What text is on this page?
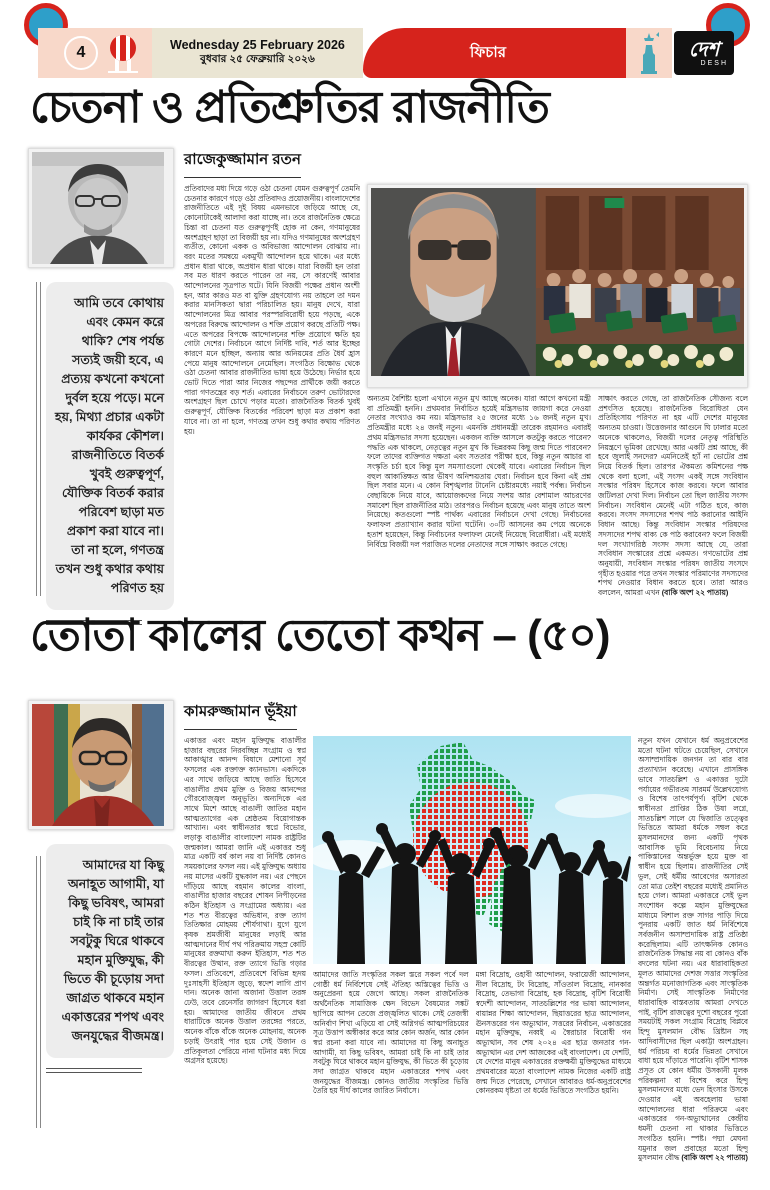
4	Wednesday 25 February 2026
বুধবার ২৫ ফেব্রুয়ারি ২০২৬	ফিচার	দেশ
DESH
চেতনা ও প্রতিশ্রুতির রাজনীতি
আমি তবে কোথায় এবং কেমন করে থাকি? শেষ পর্যন্ত সত্যই জয়ী হবে, এ প্রত্যয় কখনো কখনো দুর্বল হয়ে পড়ে। মনে হয়, মিথ্যা প্রচার একটা কার্যকর কৌশল। রাজনীতিতে বিতর্ক খুবই গুরুত্বপূর্ণ, যৌক্তিক বিতর্ক করার পরিবেশ ছাড়া মত প্রকাশ করা যাবে না। তা না হলে, গণতন্ত্র তখন শুধু কথার কথায় পরিণত হয়
রাজেকুজ্জামান রতন
প্রতিবাদের মধ্য দিয়ে গড়ে ওঠা চেতনা যেমন গুরুত্বপূর্ণ তেমনি চেতনার কারণে গড়ে ওঠা প্রতিবাদও প্রয়োজনীয়। বাংলাদেশের রাজনীতিতে এই দুই বিষয় এমনভাবে জড়িয়ে আছে যে, কোনোটাকেই আলাদা করা যাচ্ছে না। তবে রাজনৈতিক ক্ষেত্রে চিন্তা বা চেতনা যত গুরুত্বপূর্ণই হোক না কেন, গণমানুষের অংশগ্রহণ ছাড়া তা বিজয়ী হয় না। যদিও গণমানুষের অংশগ্রহণ ব্যতীত, কোনো একক ও অবিভাজ্য আন্দোলন বোঝায় না। বরং মতের সমন্বয়ে একমুখী আন্দোলন হয়ে থাকে। এর মধ্যে প্রধান ধারা থাকে, অপ্রধান ধারা থাকে। যারা বিজয়ী হন তারা সব মত ধারণ করতে পারেন তা নয়, সে কারণেই আবার আন্দোলনের সূত্রপাত ঘটে। যিনি বিজয়ী পক্ষের প্রধান অংশী হন, আর কারও মত বা যুক্তি গ্রহণযোগ্য নয় তাহলে তা দমন করার মানসিকতা দ্বারা পরিচালিত হয়। মানুষ দেখে, যারা আন্দোলনের মিত্র আবার পরস্পরবিরোধী হয়ে পড়ছে, একে অপরের বিরুদ্ধে আন্দোলন ও শক্তি প্রয়োগ করছে প্রতিটি পক্ষ। এতে অপরের বিপক্ষে আন্দোলনের শক্তি প্রয়োগে ক্ষতি হয় গোটা দেশের। নির্বাচনে আগে নির্দিষ্ট দাবি, শর্ত আর ইচ্ছের কারণে মনে হচ্ছিল, অন্যায় আর অনিয়মের প্রতি ধৈর্য হ্রাস পেয়ে মানুষ আন্দোলনে নেমেছিল। সংগঠিত বিক্ষোভ থেকে ওঠা চেতনা আবার রাজনীতির ভাষা হয়ে উঠেছে। নির্ভার হয়ে ভোট দিতে পারা আর নিজের পছন্দের প্রার্থীকে জয়ী করতে পারা গণতন্ত্রের বড় শর্ত। এবারের নির্বাচনে তরুণ ভোটারদের অংশগ্রহণ ছিল চোখে পড়ার মতো। রাজনৈতিক বিতর্ক খুবই গুরুত্বপূর্ণ, যৌক্তিক বিতর্কের পরিবেশ ছাড়া মত প্রকাশ করা যাবে না। তা না হলে, গণতন্ত্র তখন শুধু কথার কথায় পরিণত হয়।
অন্যতম বৈশিষ্ট্য হলো এখানে নতুন মুখ আছে অনেক। যারা আগে কখনো মন্ত্রী বা প্রতিমন্ত্রী হননি। প্রথমবার নির্বাচিত হয়েই মন্ত্রিসভায় জায়গা করে নেওয়া নেতার সংখ্যাও কম নয়। মন্ত্রিসভার ২৫ জনের মধ্যে ১৬ জনই নতুন মুখ। প্রতিমন্ত্রীর মধ্যে ২৪ জনই নতুন। এমনকি প্রধানমন্ত্রী তারেক রহমানও এবারই প্রথম মন্ত্রিসভার সদস্য হয়েছেন। একজন ব্যক্তি আসলে কতটুকু করতে পারেন? পদ্ধতি এক থাকলে, নেতৃত্বের নতুন মুখ কি ভিন্নরকম কিছু জন্ম দিতে পারবেন? ফলে তাদের ব্যক্তিগত দক্ষতা এবং সততার পরীক্ষা হবে, কিন্তু নতুন আচার বা সংস্কৃতি চর্চা হবে কিন্তু মূল সমস্যাগুলো থেকেই যাবে। এবারের নির্বাচন ছিল বহুল আকাঙ্ক্ষিত আর ভীষণ অনিশ্চয়তায় ঘেরা। নির্বাচন হবে কিনা এই প্রশ্ন ছিল সবার মনে। এ কোন বিশৃঙ্খলার টানেনি চেষ্টারমধ্যে নয়াই পর্বন্ধ। নির্বাচন বেছায়িকে নিয়ে যাবে, আয়োজকদের নিয়ে সংশয় আর বেশামাল আচরণের সমাবেশ ছিল রাজনীতির মাঠ। তারপরও নির্বাচন হয়েছে এবং মানুষ তাতে অংশ নিয়েছে। কতগুলো স্পষ্ট পার্থক্য এবারের নির্বাচনে দেখা গেছে। নির্বাচনের ফলাফল প্রত্যাখ্যান করার ঘটনা ঘটেনি। ৩০টি আসনের কম পেয়ে অনেকে হতাশ হয়েছেন, কিন্তু নির্বাচনের ফলাফল মেনেই নিয়েছে বিরোধীরা। এই মধ্যেই নির্বিঘ্নে বিজয়ী দল পরাজিত দলের নেতাদের সঙ্গে সাক্ষাৎ করতে গেছে।
সাক্ষাৎ করতে গেছে, তা রাজনৈতিক সৌজন্য বলে প্রশংসিত হয়েছে। রাজনৈতিক বিরোধিতা যেন প্রতিহিংসায় পরিণত না হয় এটি দেশের মানুষের অন্যতম চাওয়া। উত্তেজনার আগুনে ঘি ঢালার মতো অনেকে থাকলেও, বিজয়ী দলের নেতৃত্ব পরিস্থিতি নিয়ন্ত্রণে ভূমিকা রেখেছে। আর একটি প্রশ্ন আছে, কী হবে জুলাই সনদের? এমনিতেই হ্যাঁ না ভোটের প্রশ্ন নিয়ে বিতর্ক ছিল। তারপর ঐকমত্য কমিশনের পক্ষ থেকে বলা হলো, এই সংসদ একই সঙ্গে সংবিধান সংস্কার পরিষদ হিসেবে কাজ করবে। ফলে আবার জটিলতা দেখা দিল। নির্বাচন তো ছিল জাতীয় সংসদ নির্বাচন। সংবিধান মেনেই এটা গঠিত হবে, কাজ করবে। সংসদ সদস্যদের শপথ পাঠ করানোর আইনি বিধান আছে। কিন্তু সংবিধান সংস্কার পরিষদের সদস্যদের শপথ বাক্য কে পাঠ করাবেন? ফলে বিজয়ী দল সংখ্যাগরিষ্ঠ সংসদ সদস্য আছে যে, তারা সংবিধান সংস্কারের প্রশ্নে একমত। গণভোটের প্রশ্ন অনুযায়ী, সংবিধান সংস্কার পরিষদ জাতীয় সংসদে গৃহীত হওয়ার পরে তখন সংস্কার পরিমাণের সদস্যদের শপথ নেওয়ার বিধান করতে হবে। তারা আরও বললেন, আমরা এখন (বাকি অংশ ২২ পাতায়)
তোতা কালের তেতো কথন – (৫০)
আমাদের যা কিছু অনাহূত আগামী, যা কিছু ভবিষৎ, আমরা চাই কি না চাই তার সবটুকু ঘিরে থাকবে মহান মুক্তিযুদ্ধ, কী ভিতে কী চূড়োয় সদা জাগ্রত থাকবে মহান একাত্তরের শপথ এবং জনযুদ্ধের বীজমন্ত্র।
কামরুজ্জামান ভূঁইয়া
একাত্তর এবং মহান মুক্তিযুদ্ধ বাঙালীর হাজার বছরের নিরবচ্ছিন্ন সংগ্রাম ও স্বপ্ন আকাঙ্খার আনন্দ বিষাদে মেশানো সূর্য ফসলের এক রক্তাক্ত ক্যানভাস। একদিকে এর সাথে জড়িয়ে আছে জাতি হিসেবে বাঙালীর প্রথম মুক্তি ও বিজয় আনন্দের গৌরবোজ্জ্বল অনুভূতি। অন্যদিকে এর সাথে মিশে আছে বাঙালী জাতির মহান আত্মত্যাগের এক শ্রেষ্ঠতম বিয়োগান্তক আখ্যান। এবং স্বাধীনতার স্বপ্নে বিভোর, লড়াকু বাঙালীর বাংলাদেশ নামক রাষ্ট্রটির জন্মকাল। আমরা জানি এই একাত্তর শুধু মাত্র একটি বর্ষ কাল নয় বা নির্দিষ্ট কোনও সময়কালের ফসল নয়। এই মুক্তিযুদ্ধ অধ্যায় নয় মাসের একটি যুদ্ধকাল নয়। এর পেছনে দাঁড়িয়ে আছে বহমান কালের বাংলা, বাঙালীর হাজার বছরের শোষন নিপীড়নের কঠিন ইতিহাস ও সংগ্রামের অধ্যায়। এর শত শত বীরত্বের অভিধান, রক্ত ত্যাগ তিতিক্ষার মোহময় শৌর্যগাথা। যুগে যুগে কৃষক শ্রমজীবী মানুষের লড়াই আর আত্মদানের দীর্ঘ পথ পরিক্রমায় সহস্র কোটি মানুষের রক্তমাখা করুন ইতিহাস, শত শত বীরত্বের উত্থান, রক্ত ত্যাগে ভিত্তি গড়ার ফসল। প্রতিবেশে, প্রতিবেশে বিভিন্ন হৃদয় দুঃসাহসী ইতিহাস জুড়ে, স্বদেশ লাগি প্রাণ দান। অনেক জানা অজানা উত্তাল তরঙ্গ ঢেউ, তবে রেনেসাঁর জাগরণ হিসেবে ধরা হয়। আমাদের জাতীয় জীবনে প্রথম ধারাটিকে অনেক উত্তাল তরঙ্গের পরতে, অনেক বাঁকে বাঁকে অনেক মোহনায়, অনেক চড়াই উৎরাই পার হয়ে সেই উজান ও প্রতিকূলতা পেরিয়ে নানা ঘটনার মধ্য দিয়ে অগ্রসর হয়েছে।
আমাদের জাতি সংস্কৃতির সকল স্তরে সকল পর্বে দল গোষ্ঠী ধর্ম নির্বিশেষে সেই ঐতিহ্য অস্তিত্বের ভিত্তি ও অনুপ্রেরনা হয়ে জেগে আছে। সকল রাজনৈতিক অর্থনৈতিক সামাজিক ক্ষেদ বিভেদ বৈষম্যের সঙ্কট ছাপিয়ে আপন তেজে প্রজ্জ্বলিত থাকে। সেই তেজস্বী অনির্বাণ শিখা এড়িয়ে বা সেই অগ্নিগর্ভ আত্মপরিচয়ের সূত্র উত্তাপ অস্বীকার করে আর কোন অর্জন, আর কোন স্বপ্ন রচনা করা যাবে না। আমাদের যা কিছু অনাহূত আগামী, যা কিছু ভবিষৎ, আমরা চাই কি না চাই তার সবটুকু ঘিরে থাকবে মহান মুক্তিযুদ্ধ, কী ভিতে কী চূড়োয় সদা জাগ্রত থাকবে মহান একাত্তরের শপথ এবং জনযুদ্ধের বীজমন্ত্র। কোনও জাতীয় সংস্কৃতির ভিত্তি তৈরি হয় দীর্ঘ কালের জারিত নির্যাসে।
মঙ্গা বিদ্রোহ, ওহাবী আন্দোলন, ফরায়েজী আন্দোলন, নীল বিদ্রোহ, টং বিদ্রোহ, সাঁওতাল বিদ্রোহ, নানকার বিদ্রোহ, তেভাগা বিদ্রোহ, হক বিদ্রোহ, বৃটিশ বিরোধী স্বদেশী আন্দোলন, সাতচল্লিশের পর ভাষা আন্দোলন, বায়ান্নর শিক্ষা আন্দোলন, ছিয়াত্তরের ছাত্র আন্দোলন, ঊনসত্তরের গন অভ্যুত্থান, সত্তরের নির্বাচন, একাত্তরের মহান মুক্তিযুদ্ধ, নব্বই এ স্বৈরাচার বিরোধী গন অভ্যুত্থান, সব শেষ ২০২৪ এর ছাত্র জনতার গন-অভ্যুত্থান এর দেশ আজকের এই বাংলাদেশ। যে দেশটি, যে দেশের মানুষ একাত্তরের রক্তক্ষয়ী মুক্তিযুদ্ধের মাধ্যমে প্রথমবারের মতো বাংলাদেশ নামক নিজের একটি রাষ্ট্র জন্ম দিতে পেরেছে, সেখানে আবারও ধর্ম-অনুপ্রবেশের কোনরকম ধৃষ্টতা তা ধর্মের ভিত্তিতে সংগঠিত হয়নি।
নতুন যখন যেখানে ধর্ম অনুপ্রবেশের মতো ঘটনা ঘটতে চেয়েছিল, সেখানে অসাম্প্রদায়িক জনগন তা বার বার প্রত্যাখ্যান করেছে। এখানে প্রাসঙ্গিক ভাবে সাতচল্লিশ ও একাত্তর দুটো পর্যায়ের গভীরতম সারমর্ম উল্লেখযোগ্য ও বিশেষ তাৎপর্যপূর্ণ। বৃটিশ থেকে স্বাধীনতা প্রাপ্তির ঠিক উষা লগ্নে, সাতচল্লিশ সালে যে দ্বিজাতি তত্ত্বের ভিত্তিতে আমরা ধর্মকে সম্বল করে মুসলমানদের জন্য একটি পৃথক আবাসিক ভূমি বিবেচনায় নিয়ে পাকিস্তানের অন্তর্ভুক্ত হয়ে মুক্ত বা স্বাধীন হয়ে ছিলাম। রাজনীতির সেই ভুল, সেই ধর্মীয় আবেগের অসারতা তো মাত্র তেইশ বছরের মধ্যেই প্রমানিত হয়ে গেল। আমরা একাত্তরে সেই ভুল সংশোধন কল্পে মহান মুক্তিযুদ্ধের মাধ্যমে বিশাল রক্ত সাগর পাড়ি দিয়ে পুনরায় একটি জাত ধর্ম নির্বিশেষে সর্বজনীন অসাম্প্রদায়িক রাষ্ট্র প্রতিষ্ঠা করেছিলাম। এটি তাৎক্ষনিক কোনও রাজনৈতিক সিদ্ধান্ত নয় বা কোনও বাঁক বদলের ঘটনা নয়। এর ধারাবাহিকতা মূলত আমাদের দেশজ সত্তার সংস্কৃতির অন্তর্গত মনোজাগতিক এবং সাংস্কৃতিক নির্মাণ। সেই সাংস্কৃতিক নির্মাণের ধারাবাহিক বাস্তবতায় আমরা দেখতে পাই, বৃটিশ রাজত্বের দুশো বছরের পুরো সময়টাই সকল সংগ্রাম বিদ্রোহ বিপ্লবে হিন্দু মুসলমান বৌদ্ধ খ্রিষ্টান সহ আদিবাসীদের ছিল একাট্টা অংশগ্রহন। ধর্ম পরিচয় বা ধর্মের ভিন্নতা সেখানে বাধা হয়ে দাঁড়াতে পারেনি। বৃটিশ শাসক প্রসূত যে কোন ধর্মীয় উসকানী মূলক পরিকল্পনা বা বিশেষ করে হিন্দু মুসলমানদের মধ্যে ভেদ হিংসার উসকে দেওয়ার এই অবহেলায় ভাষা আন্দোলনের ধারা পরিক্রমে এবং একাত্তরের গন-অভ্যুত্থানের কেন্দ্রীয় ধমনী চেতনা না থাকার ভিত্তিতে সংগঠিত হয়নি। স্পষ্ট। পদ্মা মেঘনা যমুনার জল প্রবাহের মতো হিন্দু মুসলমান বৌদ্ধ (বাকি অংশ ২২ পাতায়)
